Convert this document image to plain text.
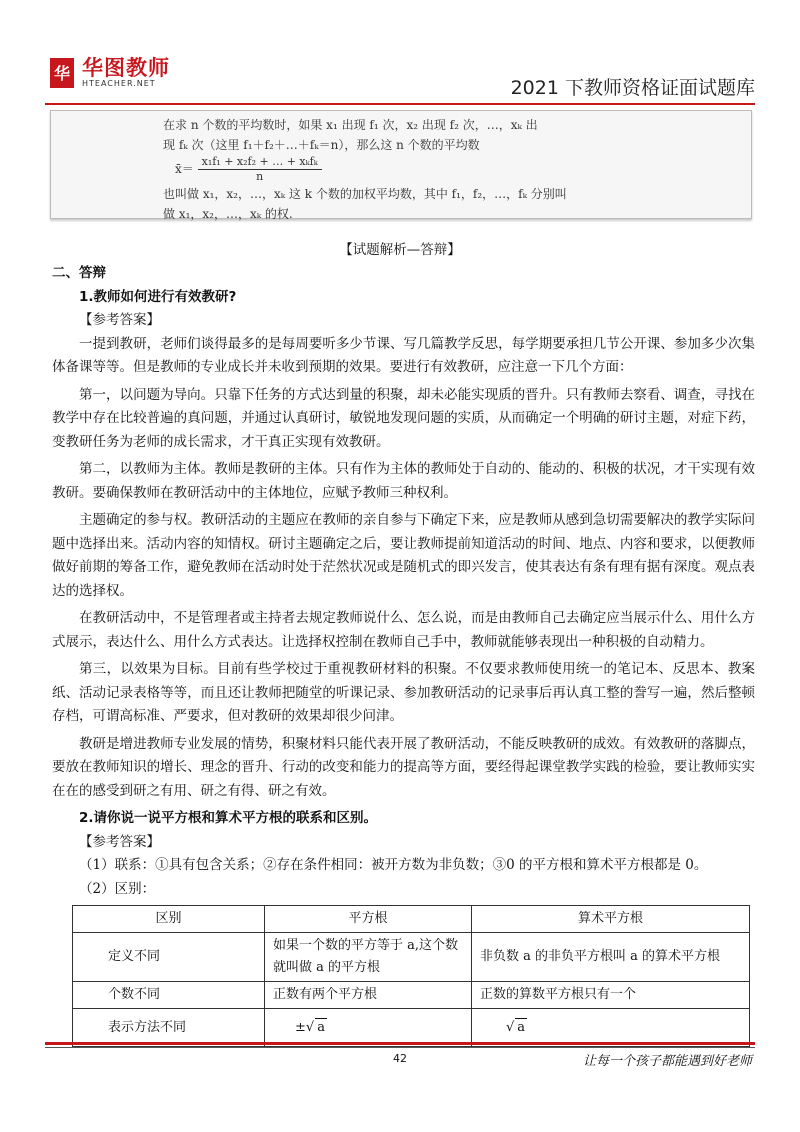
华 华图教师
HTEACHER.NET	2021 下教师资格证面试题库
在求 n 个数的平均数时，如果 x₁ 出现 f₁ 次，x₂ 出现 f₂ 次，…，xₖ 出
现 fₖ 次（这里 f₁＋f₂＋…＋fₖ＝n），那么这 n 个数的平均数
x̄＝ $\frac{\text{x₁f₁ + x₂f₂ + … + xₖfₖ}}{n}$
也叫做 x₁，x₂，…，xₖ 这 k 个数的加权平均数，其中 f₁，f₂，…，fₖ 分别叫
做 x₁，x₂，…，xₖ 的权.
【试题解析—答辩】
二、答辩
1.教师如何进行有效教研?
【参考答案】

一提到教研，老师们谈得最多的是每周要听多少节课、写几篇教学反思，每学期要承担几节公开课、参加多少次集体备课等等。但是教师的专业成长并未收到预期的效果。要进行有效教研，应注意一下几个方面：

第一，以问题为导向。只靠下任务的方式达到量的积聚，却未必能实现质的晋升。只有教师去察看、调查，寻找在教学中存在比较普遍的真问题，并通过认真研讨，敏锐地发现问题的实质，从而确定一个明确的研讨主题，对症下药，变教研任务为老师的成长需求，才干真正实现有效教研。

第二，以教师为主体。教师是教研的主体。只有作为主体的教师处于自动的、能动的、积极的状况，才干实现有效教研。要确保教师在教研活动中的主体地位，应赋予教师三种权利。

主题确定的参与权。教研活动的主题应在教师的亲自参与下确定下来，应是教师从感到急切需要解决的教学实际问题中选择出来。活动内容的知情权。研讨主题确定之后，要让教师提前知道活动的时间、地点、内容和要求，以便教师做好前期的筹备工作，避免教师在活动时处于茫然状况或是随机式的即兴发言，使其表达有条有理有据有深度。观点表达的选择权。

在教研活动中，不是管理者或主持者去规定教师说什么、怎么说，而是由教师自己去确定应当展示什么、用什么方式展示，表达什么、用什么方式表达。让选择权控制在教师自己手中，教师就能够表现出一种积极的自动精力。

第三，以效果为目标。目前有些学校过于重视教研材料的积聚。不仅要求教师使用统一的笔记本、反思本、教案纸、活动记录表格等等，而且还让教师把随堂的听课记录、参加教研活动的记录事后再认真工整的誊写一遍，然后整顿存档，可谓高标准、严要求，但对教研的效果却很少问津。

教研是增进教师专业发展的情势，积聚材料只能代表开展了教研活动，不能反映教研的成效。有效教研的落脚点，要放在教师知识的增长、理念的晋升、行动的改变和能力的提高等方面，要经得起课堂教学实践的检验，要让教师实实在在的感受到研之有用、研之有得、研之有效。

2.请你说一说平方根和算术平方根的联系和区别。
【参考答案】
（1）联系：①具有包含关系；②存在条件相同：被开方数为非负数；③0 的平方根和算术平方根都是 0。
（2）区别：
区别	平方根	算术平方根
定义不同	如果一个数的平方等于 a,这个数就叫做 a 的平方根	非负数 a 的非负平方根叫 a 的算术平方根
个数不同	正数有两个平方根	正数的算数平方根只有一个
表示方法不同	±√ a	√ a
42	让每一个孩子都能遇到好老师
